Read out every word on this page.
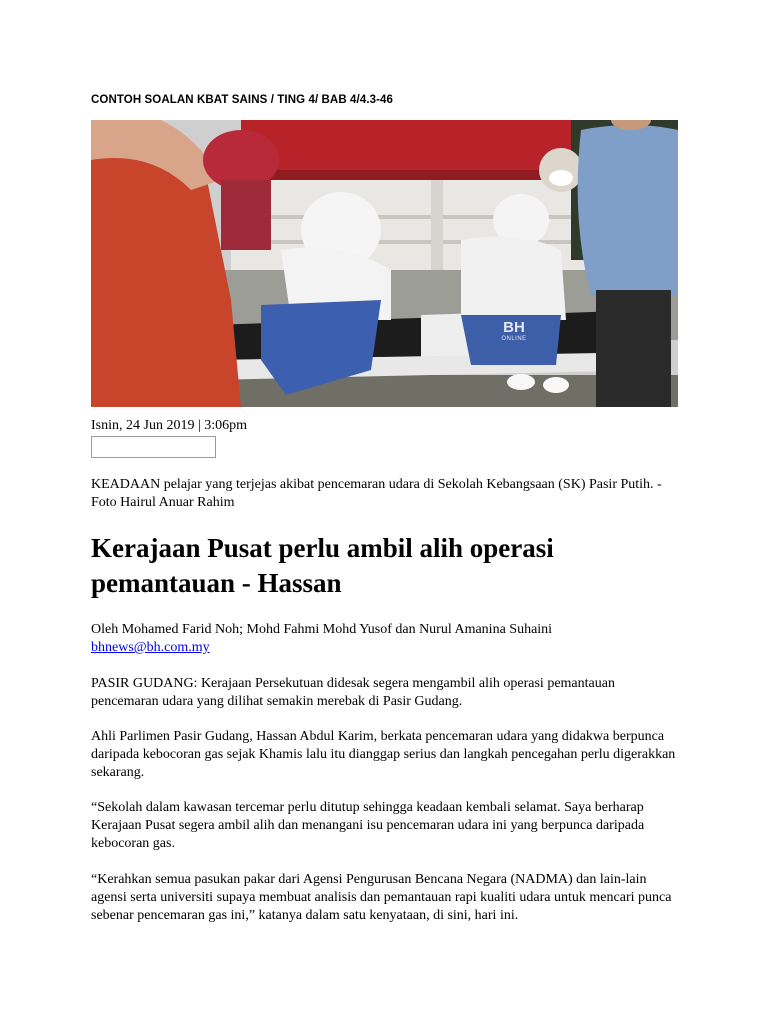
CONTOH SOALAN KBAT SAINS / TING 4/ BAB 4/4.3-46
BH
ONLINE
Isnin, 24 Jun 2019 | 3:06pm
KEADAAN pelajar yang terjejas akibat pencemaran udara di Sekolah Kebangsaan (SK) Pasir Putih. - Foto Hairul Anuar Rahim
Kerajaan Pusat perlu ambil alih operasi pemantauan - Hassan
Oleh Mohamed Farid Noh; Mohd Fahmi Mohd Yusof dan Nurul Amanina Suhaini
bhnews@bh.com.my
PASIR GUDANG: Kerajaan Persekutuan didesak segera mengambil alih operasi pemantauan pencemaran udara yang dilihat semakin merebak di Pasir Gudang.
Ahli Parlimen Pasir Gudang, Hassan Abdul Karim, berkata pencemaran udara yang didakwa berpunca daripada kebocoran gas sejak Khamis lalu itu dianggap serius dan langkah pencegahan perlu digerakkan sekarang.
“Sekolah dalam kawasan tercemar perlu ditutup sehingga keadaan kembali selamat. Saya berharap Kerajaan Pusat segera ambil alih dan menangani isu pencemaran udara ini yang berpunca daripada kebocoran gas.
“Kerahkan semua pasukan pakar dari Agensi Pengurusan Bencana Negara (NADMA) dan lain-lain agensi serta universiti supaya membuat analisis dan pemantauan rapi kualiti udara untuk mencari punca sebenar pencemaran gas ini,” katanya dalam satu kenyataan, di sini, hari ini.
